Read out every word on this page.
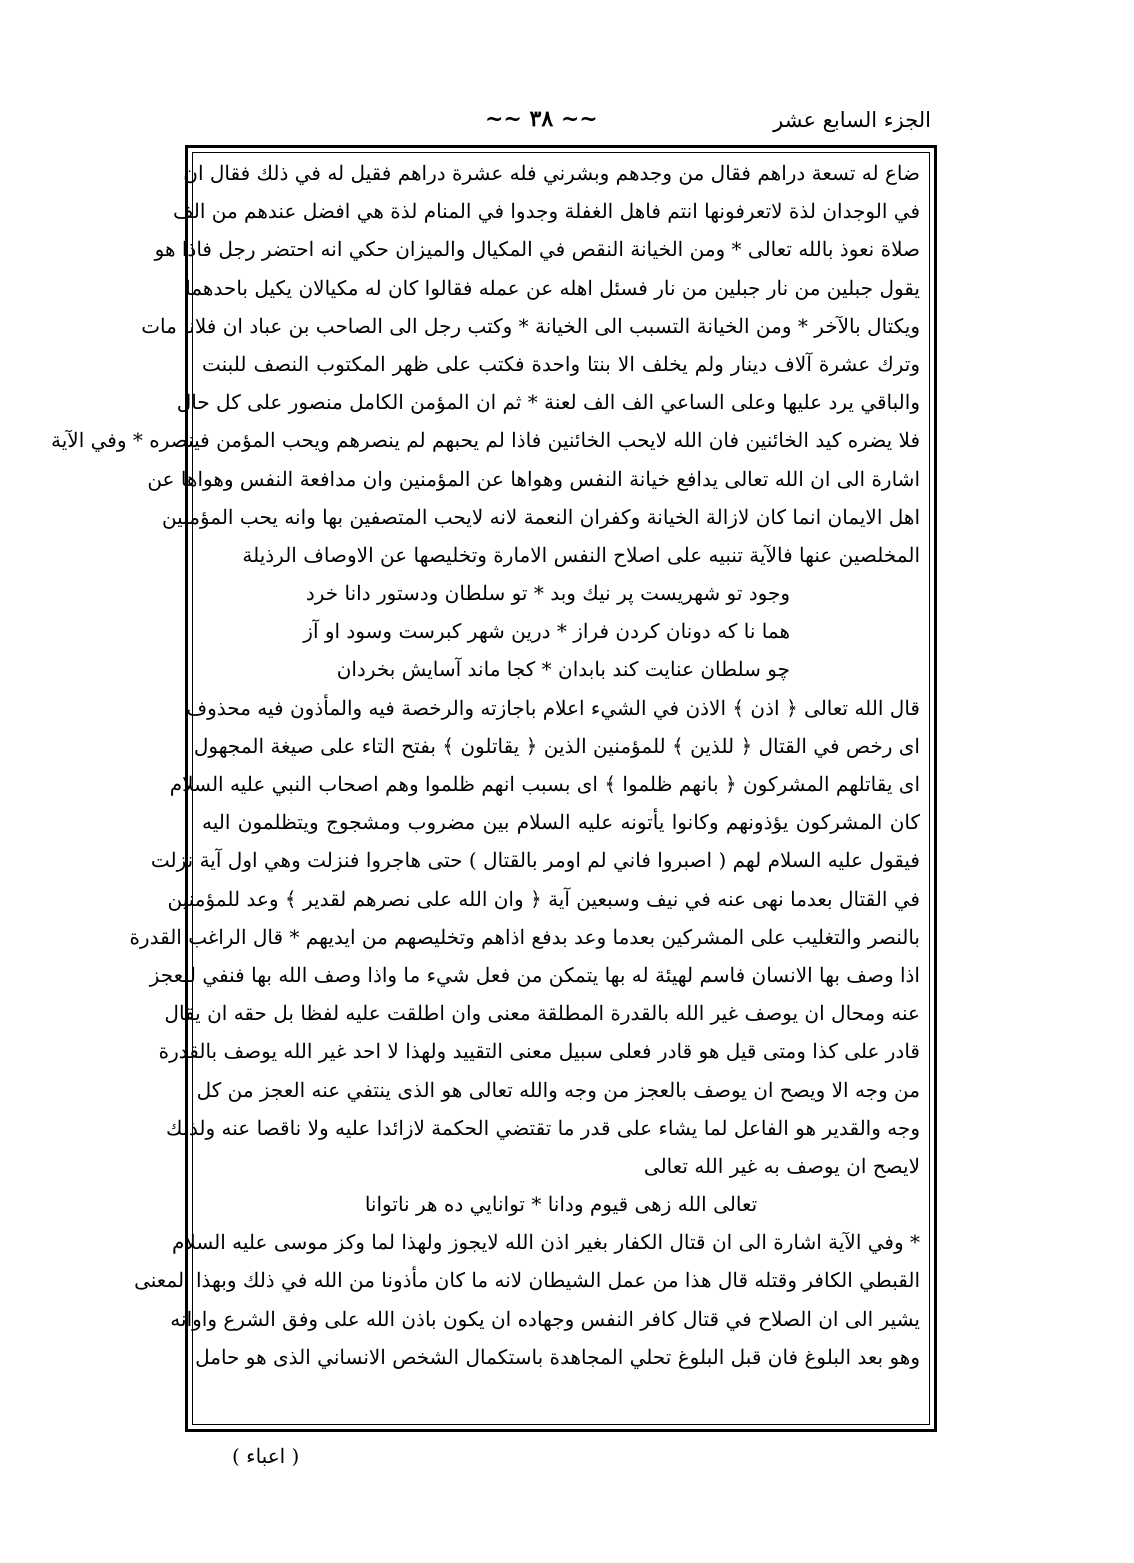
الجزء السابع عشر
~~ ٣٨ ~~
ضاع له تسعة دراهم فقال من وجدهم وبشرني فله عشرة دراهم فقيل له في ذلك فقال ان
في الوجدان لذة لاتعرفونها انتم فاهل الغفلة وجدوا في المنام لذة هي افضل عندهم من الف
صلاة نعوذ بالله تعالى * ومن الخيانة النقص في المكيال والميزان حكي انه احتضر رجل فاذا هو
يقول جبلين من نار جبلين من نار فسئل اهله عن عمله فقالوا كان له مكيالان يكيل باحدهما
ويكتال بالآخر * ومن الخيانة التسبب الى الخيانة * وكتب رجل الى الصاحب بن عباد ان فلانا مات
وترك عشرة آلاف دينار ولم يخلف الا بنتا واحدة فكتب على ظهر المكتوب النصف للبنت
والباقي يرد عليها وعلى الساعي الف الف لعنة * ثم ان المؤمن الكامل منصور على كل حال
فلا يضره كيد الخائنين فان الله لايحب الخائنين فاذا لم يحبهم لم ينصرهم ويحب المؤمن فينصره * وفي الآية
اشارة الى ان الله تعالى يدافع خيانة النفس وهواها عن المؤمنين وان مدافعة النفس وهواها عن
اهل الايمان انما كان لازالة الخيانة وكفران النعمة لانه لايحب المتصفين بها وانه يحب المؤمنين
المخلصين عنها فالآية تنبيه على اصلاح النفس الامارة وتخليصها عن الاوصاف الرذيلة
وجود تو شهريست پر نيك وبد * تو سلطان ودستور دانا خرد
هما نا كه دونان كردن فراز * درين شهر كبرست وسود او آز
چو سلطان عنايت كند بابدان * كجا ماند آسايش بخردان
قال الله تعالى ﴿ اذن ﴾ الاذن في الشيء اعلام باجازته والرخصة فيه والمأذون فيه محذوف
اى رخص في القتال ﴿ للذين ﴾ للمؤمنين الذين ﴿ يقاتلون ﴾ بفتح التاء على صيغة المجهول
اى يقاتلهم المشركون ﴿ بانهم ظلموا ﴾ اى بسبب انهم ظلموا وهم اصحاب النبي عليه السلام
كان المشركون يؤذونهم وكانوا يأتونه عليه السلام بين مضروب ومشجوج ويتظلمون اليه
فيقول عليه السلام لهم ( اصبروا فاني لم اومر بالقتال ) حتى هاجروا فنزلت وهي اول آية نزلت
في القتال بعدما نهى عنه في نيف وسبعين آية ﴿ وان الله على نصرهم لقدير ﴾ وعد للمؤمنين
بالنصر والتغليب على المشركين بعدما وعد بدفع اذاهم وتخليصهم من ايديهم * قال الراغب القدرة
اذا وصف بها الانسان فاسم لهيئة له بها يتمكن من فعل شيء ما واذا وصف الله بها فنفي للعجز
عنه ومحال ان يوصف غير الله بالقدرة المطلقة معنى وان اطلقت عليه لفظا بل حقه ان يقال
قادر على كذا ومتى قيل هو قادر فعلى سبيل معنى التقييد ولهذا لا احد غير الله يوصف بالقدرة
من وجه الا ويصح ان يوصف بالعجز من وجه والله تعالى هو الذى ينتفي عنه العجز من كل
وجه والقدير هو الفاعل لما يشاء على قدر ما تقتضي الحكمة لازائدا عليه ولا ناقصا عنه ولذلك
لايصح ان يوصف به غير الله تعالى
تعالى الله زهى قيوم ودانا * توانايي ده هر ناتوانا
* وفي الآية اشارة الى ان قتال الكفار بغير اذن الله لايجوز ولهذا لما وكز موسى عليه السلام
القبطي الكافر وقتله قال هذا من عمل الشيطان لانه ما كان مأذونا من الله في ذلك وبهذا المعنى
يشير الى ان الصلاح في قتال كافر النفس وجهاده ان يكون باذن الله على وفق الشرع واوانه
وهو بعد البلوغ فان قبل البلوغ تحلي المجاهدة باستكمال الشخص الانساني الذى هو حامل
( اعباء )
